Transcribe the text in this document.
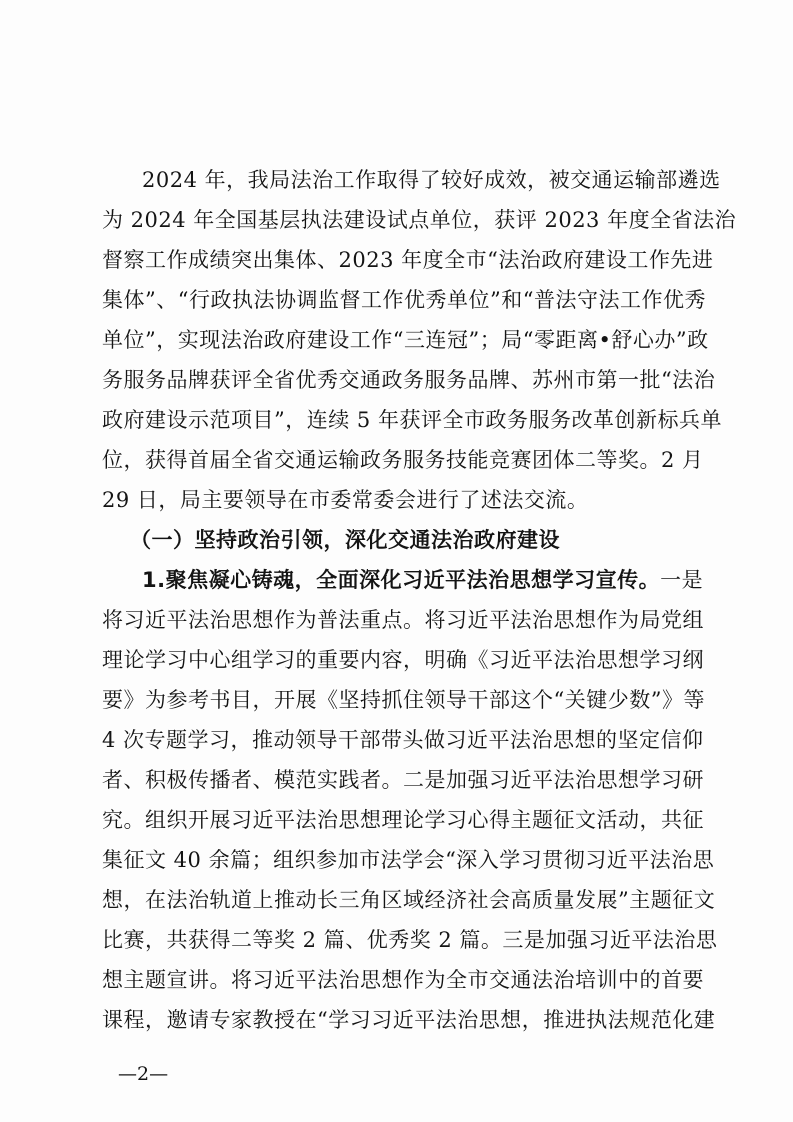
2024 年，我局法治工作取得了较好成效，被交通运输部遴选
为 2024 年全国基层执法建设试点单位，获评 2023 年度全省法治
督察工作成绩突出集体、2023 年度全市“法治政府建设工作先进
集体”、“行政执法协调监督工作优秀单位”和“普法守法工作优秀
单位”，实现法治政府建设工作“三连冠”；局“零距离•舒心办”政
务服务品牌获评全省优秀交通政务服务品牌、苏州市第一批“法治
政府建设示范项目”，连续 5 年获评全市政务服务改革创新标兵单
位，获得首届全省交通运输政务服务技能竞赛团体二等奖。2 月
29 日，局主要领导在市委常委会进行了述法交流。
（一）坚持政治引领，深化交通法治政府建设
1.聚焦凝心铸魂，全面深化习近平法治思想学习宣传。一是
将习近平法治思想作为普法重点。将习近平法治思想作为局党组
理论学习中心组学习的重要内容，明确《习近平法治思想学习纲
要》为参考书目，开展《坚持抓住领导干部这个“关键少数”》等
4 次专题学习，推动领导干部带头做习近平法治思想的坚定信仰
者、积极传播者、模范实践者。二是加强习近平法治思想学习研
究。组织开展习近平法治思想理论学习心得主题征文活动，共征
集征文 40 余篇；组织参加市法学会“深入学习贯彻习近平法治思
想，在法治轨道上推动长三角区域经济社会高质量发展”主题征文
比赛，共获得二等奖 2 篇、优秀奖 2 篇。三是加强习近平法治思
想主题宣讲。将习近平法治思想作为全市交通法治培训中的首要
课程，邀请专家教授在“学习习近平法治思想，推进执法规范化建
—2—
